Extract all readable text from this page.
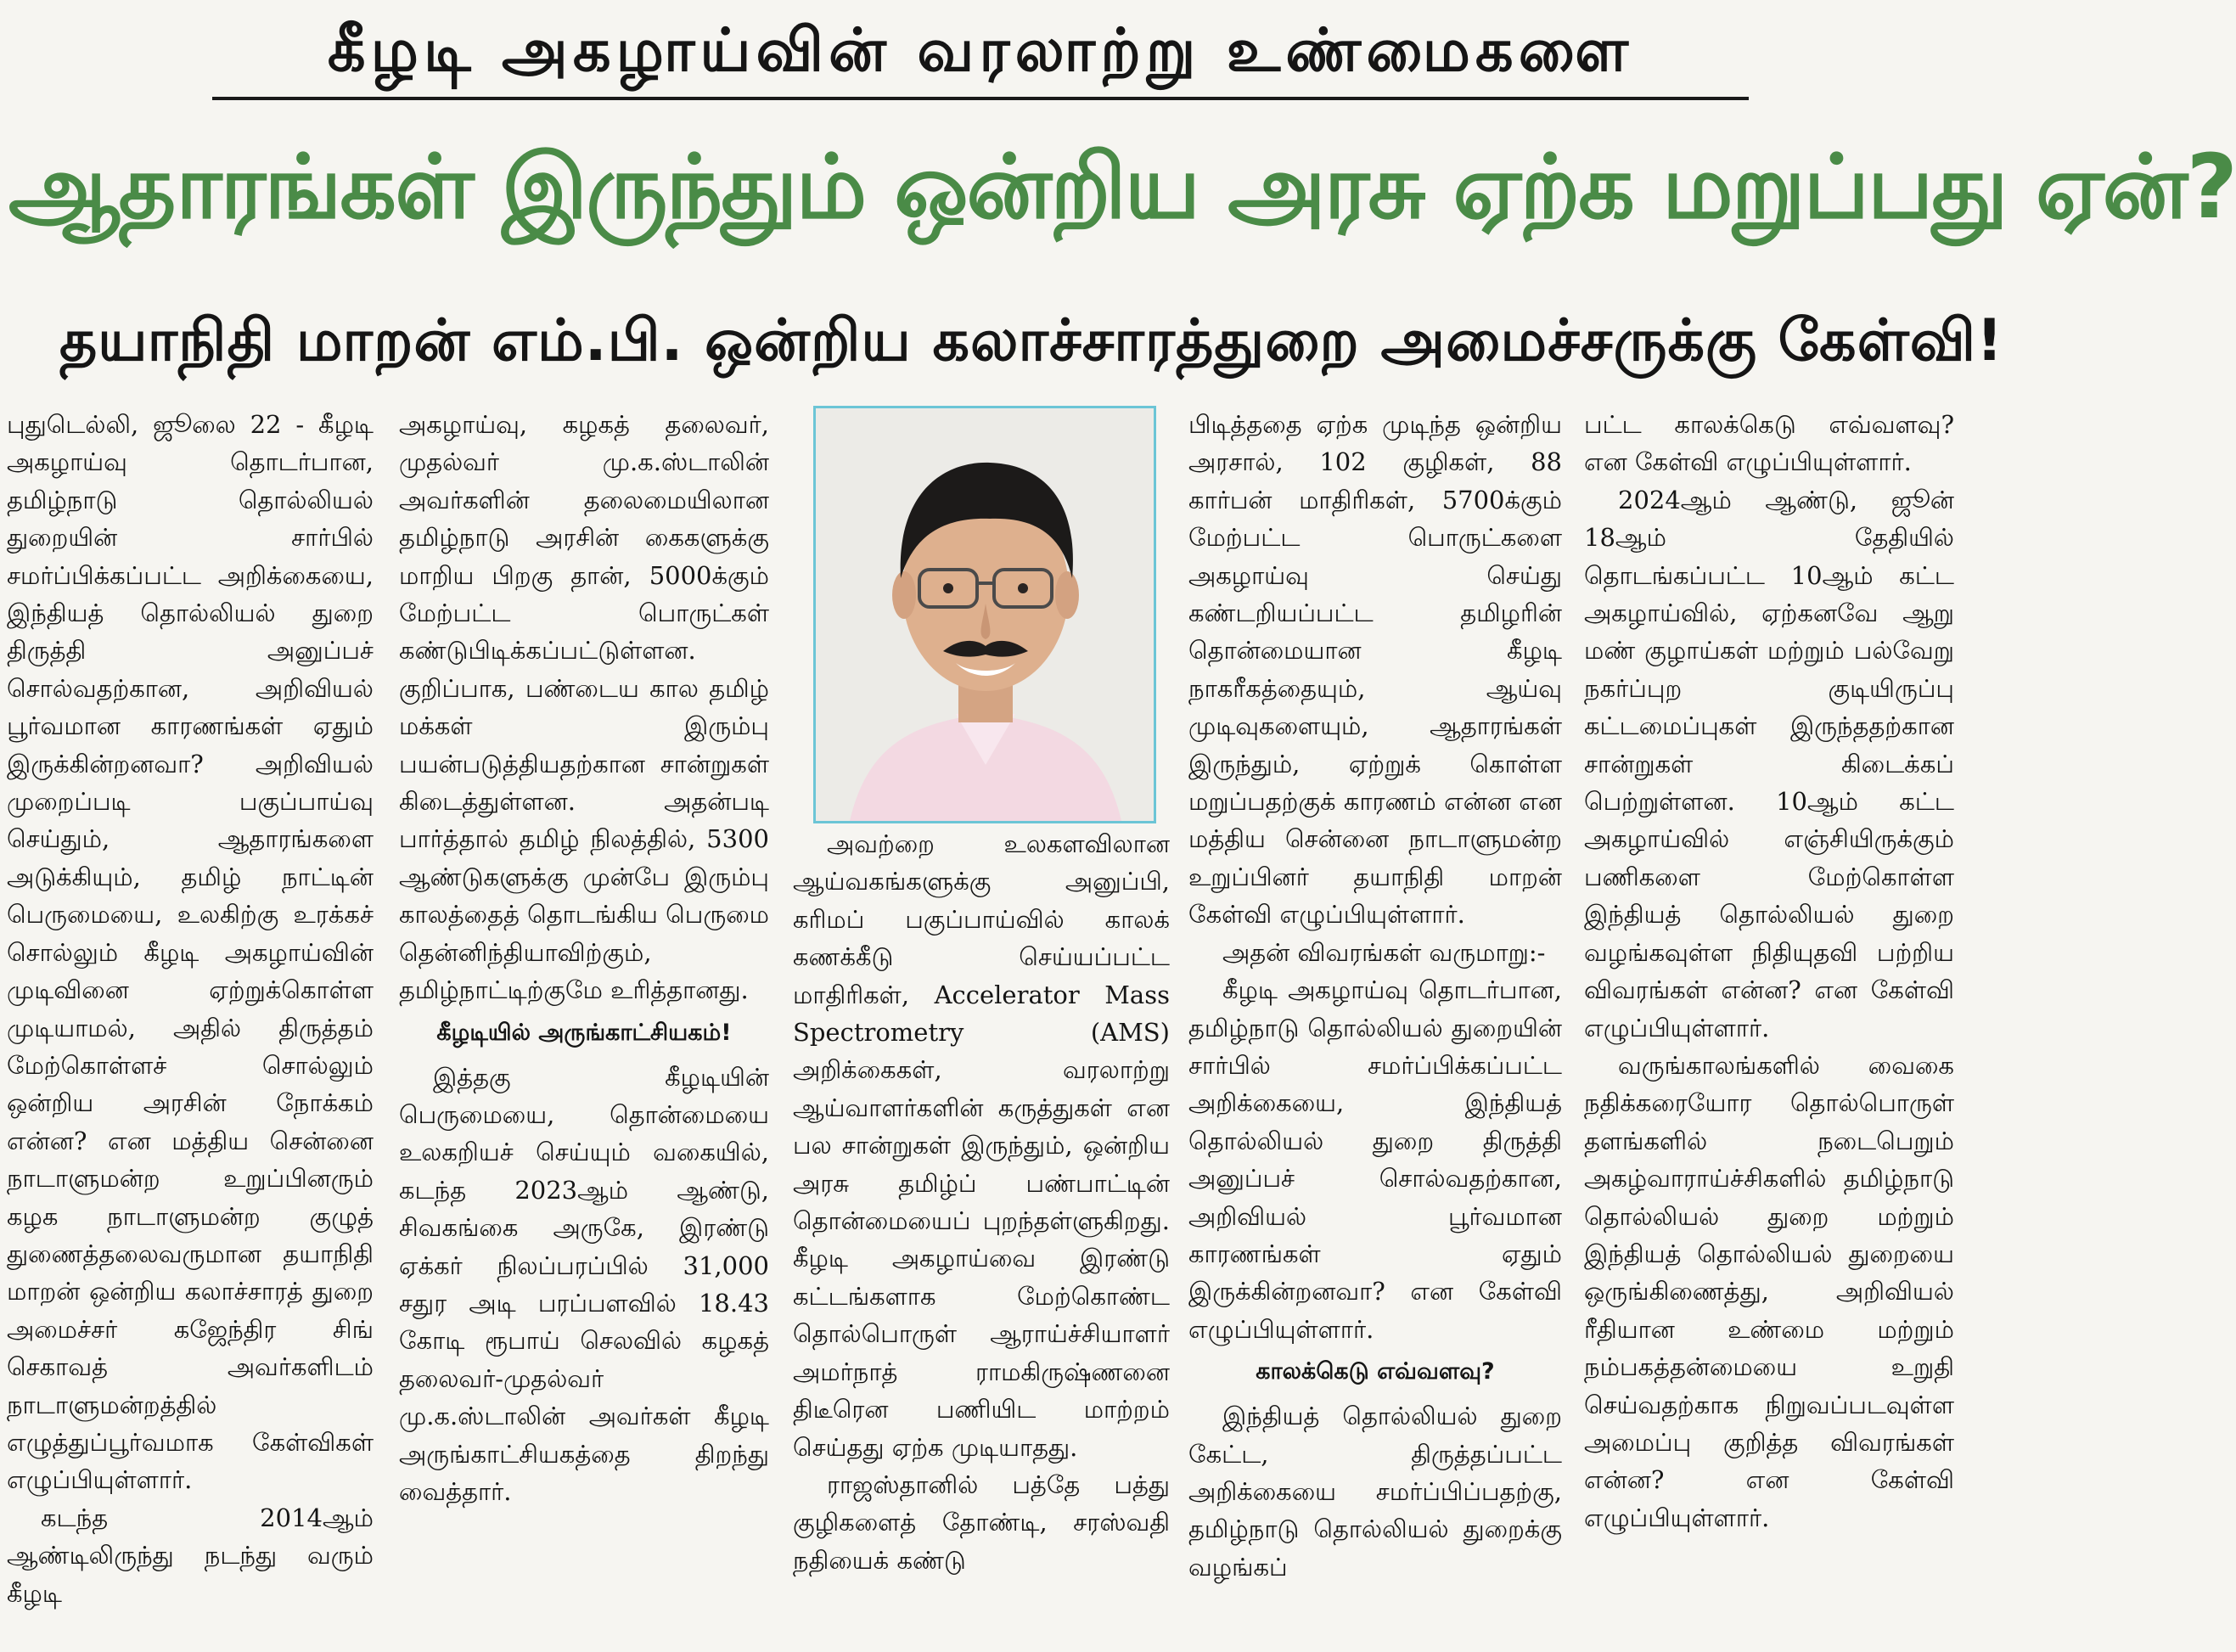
கீழடி அகழாய்வின் வரலாற்று உண்மைகளை
ஆதாரங்கள் இருந்தும் ஒன்றிய அரசு ஏற்க மறுப்பது ஏன்?
தயாநிதி மாறன் எம்.பி. ஒன்றிய கலாச்சாரத்துறை அமைச்சருக்கு கேள்வி!

புதுடெல்லி, ஜூலை 22 - கீழடி அகழாய்வு தொடர்பான, தமிழ்நாடு தொல்லியல் துறையின் சார்பில் சமர்ப்பிக்கப்பட்ட அறிக்கையை, இந்தியத் தொல்லியல் துறை திருத்தி அனுப்பச் சொல்வதற்கான, அறிவியல் பூர்வமான காரணங்கள் ஏதும் இருக்கின்றனவா? அறிவியல் முறைப்படி பகுப்பாய்வு செய்தும், ஆதாரங்களை அடுக்கியும், தமிழ் நாட்டின் பெருமையை, உலகிற்கு உரக்கச் சொல்லும் கீழடி அகழாய்வின் முடிவினை ஏற்றுக்கொள்ள முடியாமல், அதில் திருத்தம் மேற்கொள்ளச் சொல்லும் ஒன்றிய அரசின் நோக்கம் என்ன? என மத்திய சென்னை நாடாளுமன்ற உறுப்பினரும் கழக நாடாளுமன்ற குழுத் துணைத்தலைவருமான தயாநிதி மாறன் ஒன்றிய கலாச்சாரத் துறை அமைச்சர் கஜேந்திர சிங் செகாவத் அவர்களிடம் நாடாளுமன்றத்தில் எழுத்துப்பூர்வமாக கேள்விகள் எழுப்பியுள்ளார்.

கடந்த 2014ஆம் ஆண்டிலிருந்து நடந்து வரும் கீழடி

அகழாய்வு, கழகத் தலைவர், முதல்வர் மு.க.ஸ்டாலின் அவர்களின் தலைமையிலான தமிழ்நாடு அரசின் கைகளுக்கு மாறிய பிறகு தான், 5000க்கும் மேற்பட்ட பொருட்கள் கண்டுபிடிக்கப்பட்டுள்ளன. குறிப்பாக, பண்டைய கால தமிழ் மக்கள் இரும்பு பயன்படுத்தியதற்கான சான்றுகள் கிடைத்துள்ளன. அதன்படி பார்த்தால் தமிழ் நிலத்தில், 5300 ஆண்டுகளுக்கு முன்பே இரும்பு காலத்தைத் தொடங்கிய பெருமை தென்னிந்தியாவிற்கும், தமிழ்நாட்டிற்குமே உரித்தானது.

கீழடியில் அருங்காட்சியகம்!

இத்தகு கீழடியின் பெருமையை, தொன்மையை உலகறியச் செய்யும் வகையில், கடந்த 2023ஆம் ஆண்டு, சிவகங்கை அருகே, இரண்டு ஏக்கர் நிலப்பரப்பில் 31,000 சதுர அடி பரப்பளவில் 18.43 கோடி ரூபாய் செலவில் கழகத் தலைவர்-முதல்வர் மு.க.ஸ்டாலின் அவர்கள் கீழடி அருங்காட்சியகத்தை திறந்து வைத்தார்.

அவற்றை உலகளவிலான ஆய்வகங்களுக்கு அனுப்பி, கரிமப் பகுப்பாய்வில் காலக் கணக்கீடு செய்யப்பட்ட மாதிரிகள், Accelerator Mass Spectrometry (AMS) அறிக்கைகள், வரலாற்று ஆய்வாளர்களின் கருத்துகள் என பல சான்றுகள் இருந்தும், ஒன்றிய அரசு தமிழ்ப் பண்பாட்டின் தொன்மையைப் புறந்தள்ளுகிறது. கீழடி அகழாய்வை இரண்டு கட்டங்களாக மேற்கொண்ட தொல்பொருள் ஆராய்ச்சியாளர் அமர்நாத் ராமகிருஷ்ணனை திடீரென பணியிட மாற்றம் செய்தது ஏற்க முடியாதது.

ராஜஸ்தானில் பத்தே பத்து குழிகளைத் தோண்டி, சரஸ்வதி நதியைக் கண்டு

பிடித்ததை ஏற்க முடிந்த ஒன்றிய அரசால், 102 குழிகள், 88 கார்பன் மாதிரிகள், 5700க்கும் மேற்பட்ட பொருட்களை அகழாய்வு செய்து கண்டறியப்பட்ட தமிழரின் தொன்மையான கீழடி நாகரீகத்தையும், ஆய்வு முடிவுகளையும், ஆதாரங்கள் இருந்தும், ஏற்றுக் கொள்ள மறுப்பதற்குக் காரணம் என்ன என மத்திய சென்னை நாடாளுமன்ற உறுப்பினர் தயாநிதி மாறன் கேள்வி எழுப்பியுள்ளார்.

அதன் விவரங்கள் வருமாறு:-

கீழடி அகழாய்வு தொடர்பான, தமிழ்நாடு தொல்லியல் துறையின் சார்பில் சமர்ப்பிக்கப்பட்ட அறிக்கையை, இந்தியத் தொல்லியல் துறை திருத்தி அனுப்பச் சொல்வதற்கான, அறிவியல் பூர்வமான காரணங்கள் ஏதும் இருக்கின்றனவா? என கேள்வி எழுப்பியுள்ளார்.

காலக்கெடு எவ்வளவு?

இந்தியத் தொல்லியல் துறை கேட்ட, திருத்தப்பட்ட அறிக்கையை சமர்ப்பிப்பதற்கு, தமிழ்நாடு தொல்லியல் துறைக்கு வழங்கப்

பட்ட காலக்கெடு எவ்வளவு? என கேள்வி எழுப்பியுள்ளார்.

2024ஆம் ஆண்டு, ஜூன் 18ஆம் தேதியில் தொடங்கப்பட்ட 10ஆம் கட்ட அகழாய்வில், ஏற்கனவே ஆறு மண் குழாய்கள் மற்றும் பல்வேறு நகர்ப்புற குடியிருப்பு கட்டமைப்புகள் இருந்ததற்கான சான்றுகள் கிடைக்கப் பெற்றுள்ளன. 10ஆம் கட்ட அகழாய்வில் எஞ்சியிருக்கும் பணிகளை மேற்கொள்ள இந்தியத் தொல்லியல் துறை வழங்கவுள்ள நிதியுதவி பற்றிய விவரங்கள் என்ன? என கேள்வி எழுப்பியுள்ளார்.

வருங்காலங்களில் வைகை நதிக்கரையோர தொல்பொருள் தளங்களில் நடைபெறும் அகழ்வாராய்ச்சிகளில் தமிழ்நாடு தொல்லியல் துறை மற்றும் இந்தியத் தொல்லியல் துறையை ஒருங்கிணைத்து, அறிவியல் ரீதியான உண்மை மற்றும் நம்பகத்தன்மையை உறுதி செய்வதற்காக நிறுவப்படவுள்ள அமைப்பு குறித்த விவரங்கள் என்ன? என கேள்வி எழுப்பியுள்ளார்.
